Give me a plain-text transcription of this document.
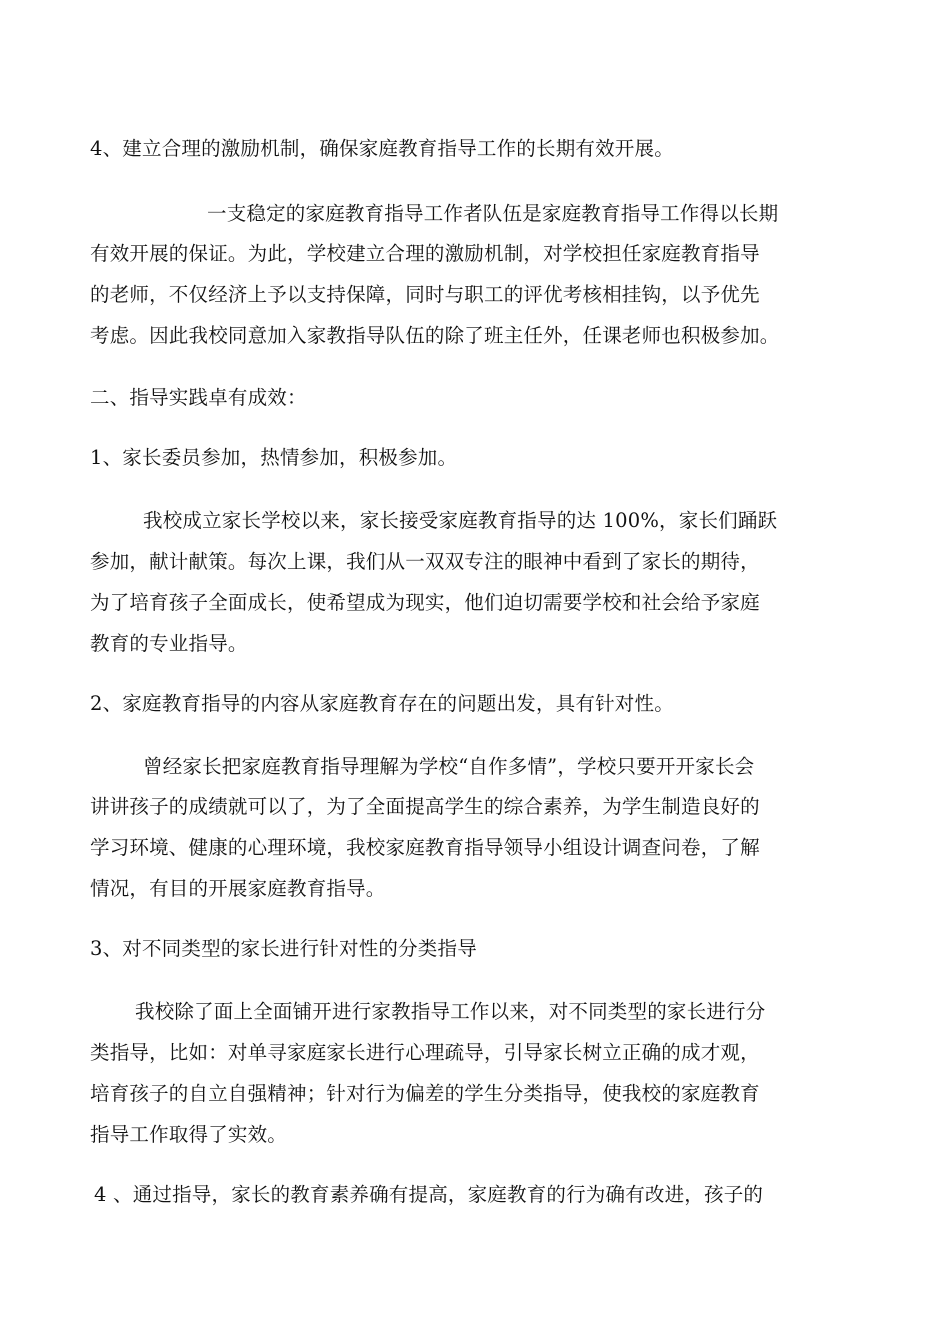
4、建立合理的激励机制，确保家庭教育指导工作的长期有效开展。
一支稳定的家庭教育指导工作者队伍是家庭教育指导工作得以长期
有效开展的保证。为此，学校建立合理的激励机制，对学校担任家庭教育指导
的老师，不仅经济上予以支持保障，同时与职工的评优考核相挂钩，以予优先
考虑。因此我校同意加入家教指导队伍的除了班主任外，任课老师也积极参加。
二、指导实践卓有成效：
1、家长委员参加，热情参加，积极参加。
我校成立家长学校以来，家长接受家庭教育指导的达 100%，家长们踊跃
参加，献计献策。每次上课，我们从一双双专注的眼神中看到了家长的期待，
为了培育孩子全面成长，使希望成为现实，他们迫切需要学校和社会给予家庭
教育的专业指导。
2、家庭教育指导的内容从家庭教育存在的问题出发，具有针对性。
曾经家长把家庭教育指导理解为学校“自作多情”，学校只要开开家长会
讲讲孩子的成绩就可以了，为了全面提高学生的综合素养，为学生制造良好的
学习环境、健康的心理环境，我校家庭教育指导领导小组设计调查问卷，了解
情况，有目的开展家庭教育指导。
3、对不同类型的家长进行针对性的分类指导
我校除了面上全面铺开进行家教指导工作以来，对不同类型的家长进行分
类指导，比如：对单寻家庭家长进行心理疏导，引导家长树立正确的成才观，
培育孩子的自立自强精神；针对行为偏差的学生分类指导，使我校的家庭教育
指导工作取得了实效。
4 、通过指导，家长的教育素养确有提高，家庭教育的行为确有改进，孩子的
